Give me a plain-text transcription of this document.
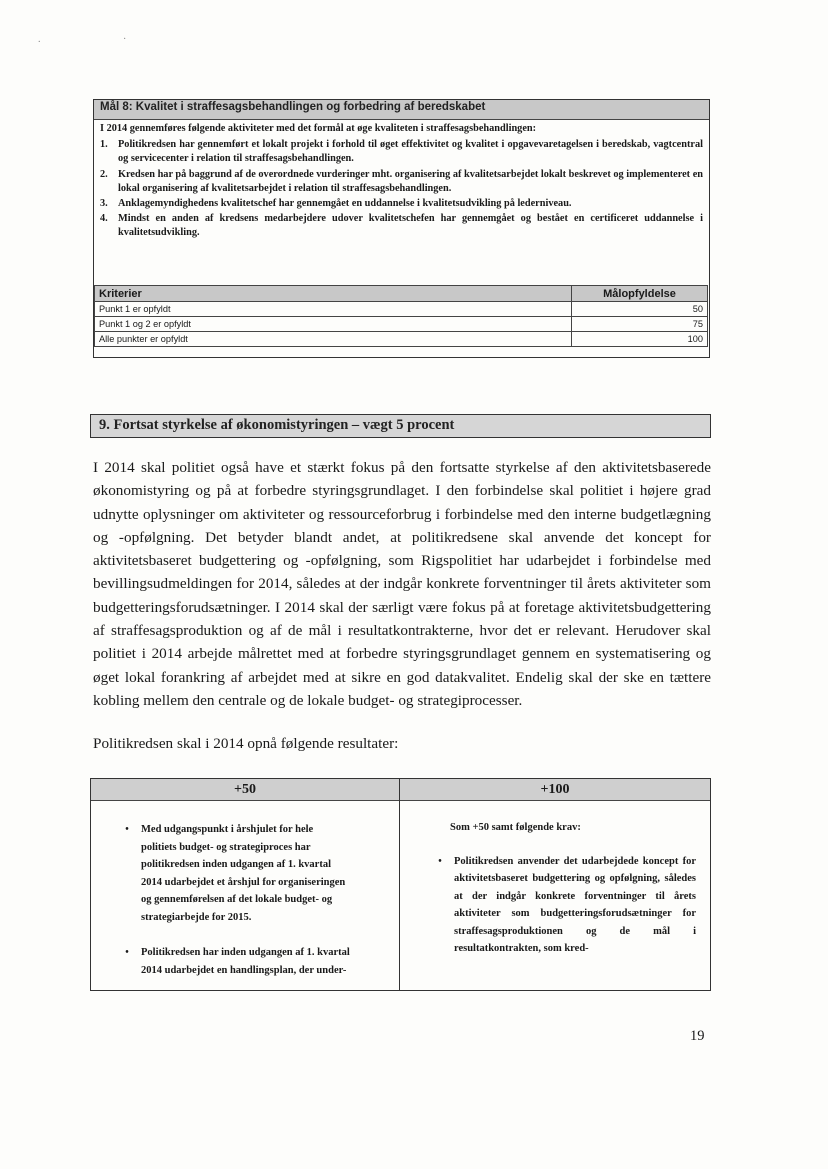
. ·
Mål 8: Kvalitet i straffesagsbehandlingen og forbedring af beredskabet
I 2014 gennemføres følgende aktiviteter med det formål at øge kvaliteten i straffesagsbehandlingen:
1. Politikredsen har gennemført et lokalt projekt i forhold til øget effektivitet og kvalitet i opgavevaretagelsen i beredskab, vagtcentral og servicecenter i relation til straffesagsbehandlingen.
2. Kredsen har på baggrund af de overordnede vurderinger mht. organisering af kvalitetsarbejdet lokalt beskrevet og implementeret en lokal organisering af kvalitetsarbejdet i relation til straffesagsbehandlingen.
3. Anklagemyndighedens kvalitetschef har gennemgået en uddannelse i kvalitetsudvikling på lederniveau.
4. Mindst en anden af kredsens medarbejdere udover kvalitetschefen har gennemgået og bestået en certificeret uddannelse i kvalitetsudvikling.
Kriterier	Målopfyldelse
Punkt 1 er opfyldt	50
Punkt 1 og 2 er opfyldt	75
Alle punkter er opfyldt	100
9. Fortsat styrkelse af økonomistyringen – vægt 5 procent

I 2014 skal politiet også have et stærkt fokus på den fortsatte styrkelse af den aktivitetsbaserede økonomistyring og på at forbedre styringsgrundlaget. I den forbindelse skal politiet i højere grad udnytte oplysninger om aktiviteter og ressourceforbrug i forbindelse med den interne budgetlægning og -opfølgning. Det betyder blandt andet, at politikredsene skal anvende det koncept for aktivitetsbaseret budgettering og -opfølgning, som Rigspolitiet har udarbejdet i forbindelse med bevillingsudmeldingen for 2014, således at der indgår konkrete forventninger til årets aktiviteter som budgetteringsforudsætninger. I 2014 skal der særligt være fokus på at foretage aktivitetsbudgettering af straffesagsproduktion og af de mål i resultatkontrakterne, hvor det er relevant. Herudover skal politiet i 2014 arbejde målrettet med at forbedre styringsgrundlaget gennem en systematisering og øget lokal forankring af arbejdet med at sikre en god datakvalitet. Endelig skal der ske en tættere kobling mellem den centrale og de lokale budget- og strategiprocesser.

Politikredsen skal i 2014 opnå følgende resultater:

+50
•	Med udgangspunkt i årshjulet for hele politiets budget- og strategiproces har politikredsen inden udgangen af 1. kvartal 2014 udarbejdet et årshjul for organiseringen og gennemførelsen af det lokale budget- og strategiarbejde for 2015.
•	Politikredsen har inden udgangen af 1. kvartal 2014 udarbejdet en handlingsplan, der under-
+100
Som +50 samt følgende krav:
•	Politikredsen anvender det udarbejdede koncept for aktivitetsbaseret budgettering og opfølgning, således at der indgår konkrete forventninger til årets aktiviteter som budgetteringsforudsætninger for straffesagsproduktionen og de mål i resultatkontrakten, som kred-
19
